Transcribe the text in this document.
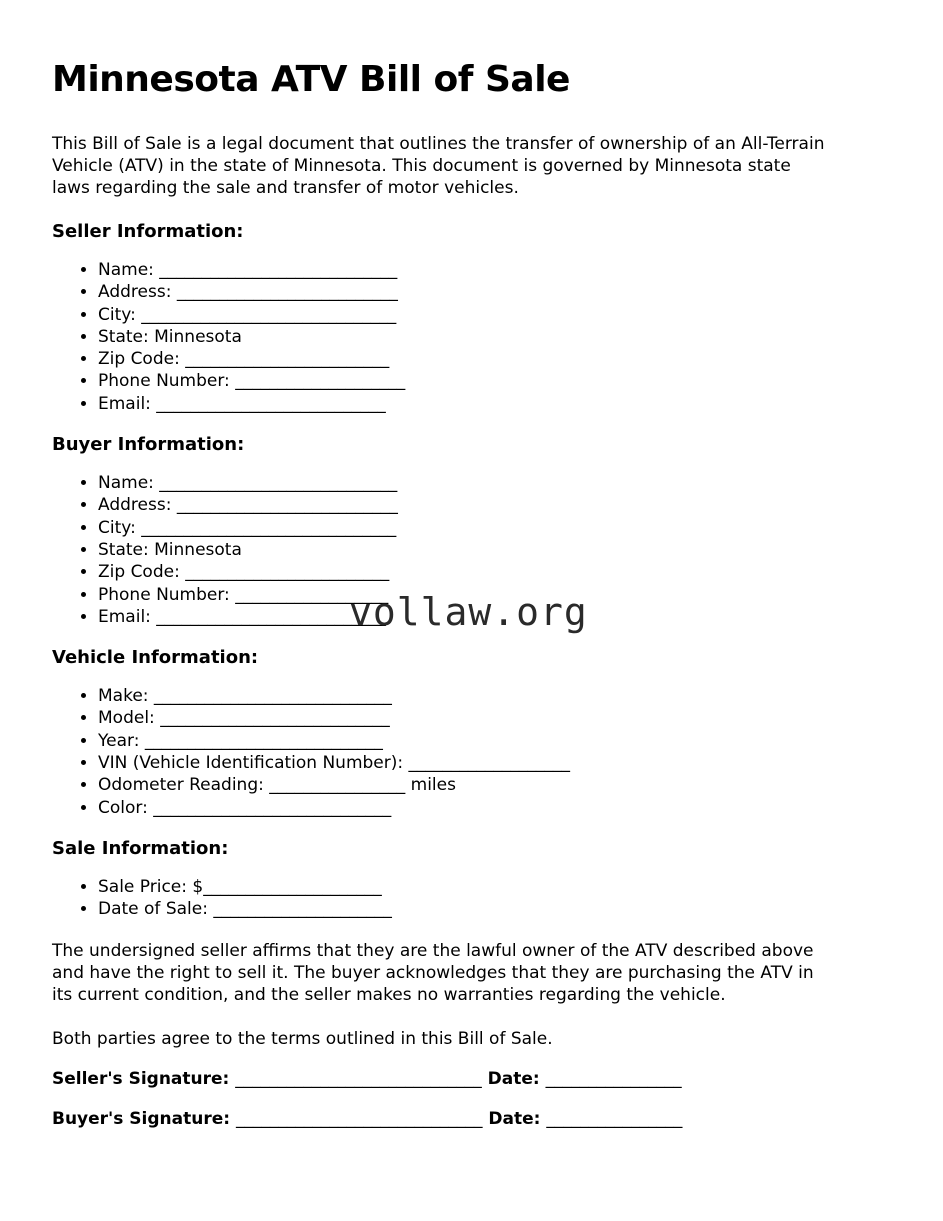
Minnesota ATV Bill of Sale

This Bill of Sale is a legal document that outlines the transfer of ownership of an All-Terrain
Vehicle (ATV) in the state of Minnesota. This document is governed by Minnesota state
laws regarding the sale and transfer of motor vehicles.

Seller Information:
• Name: ____________________________
• Address: __________________________
• City: ______________________________
• State: Minnesota
• Zip Code: ________________________
• Phone Number: ____________________
• Email: ___________________________
Buyer Information:
• Name: ____________________________
• Address: __________________________
• City: ______________________________
• State: Minnesota
• Zip Code: ________________________
• Phone Number: __________________
• Email: ___________________________
Vehicle Information:
• Make: ____________________________
• Model: ___________________________
• Year: ____________________________
• VIN (Vehicle Identification Number): ___________________
• Odometer Reading: ________________ miles
• Color: ____________________________
Sale Information:
• Sale Price: $_____________________
• Date of Sale: _____________________

The undersigned seller affirms that they are the lawful owner of the ATV described above
and have the right to sell it. The buyer acknowledges that they are purchasing the ATV in
its current condition, and the seller makes no warranties regarding the vehicle.

Both parties agree to the terms outlined in this Bill of Sale.

Seller's Signature: _____________________________ Date: ________________

Buyer's Signature: _____________________________ Date: ________________

vollaw.org
